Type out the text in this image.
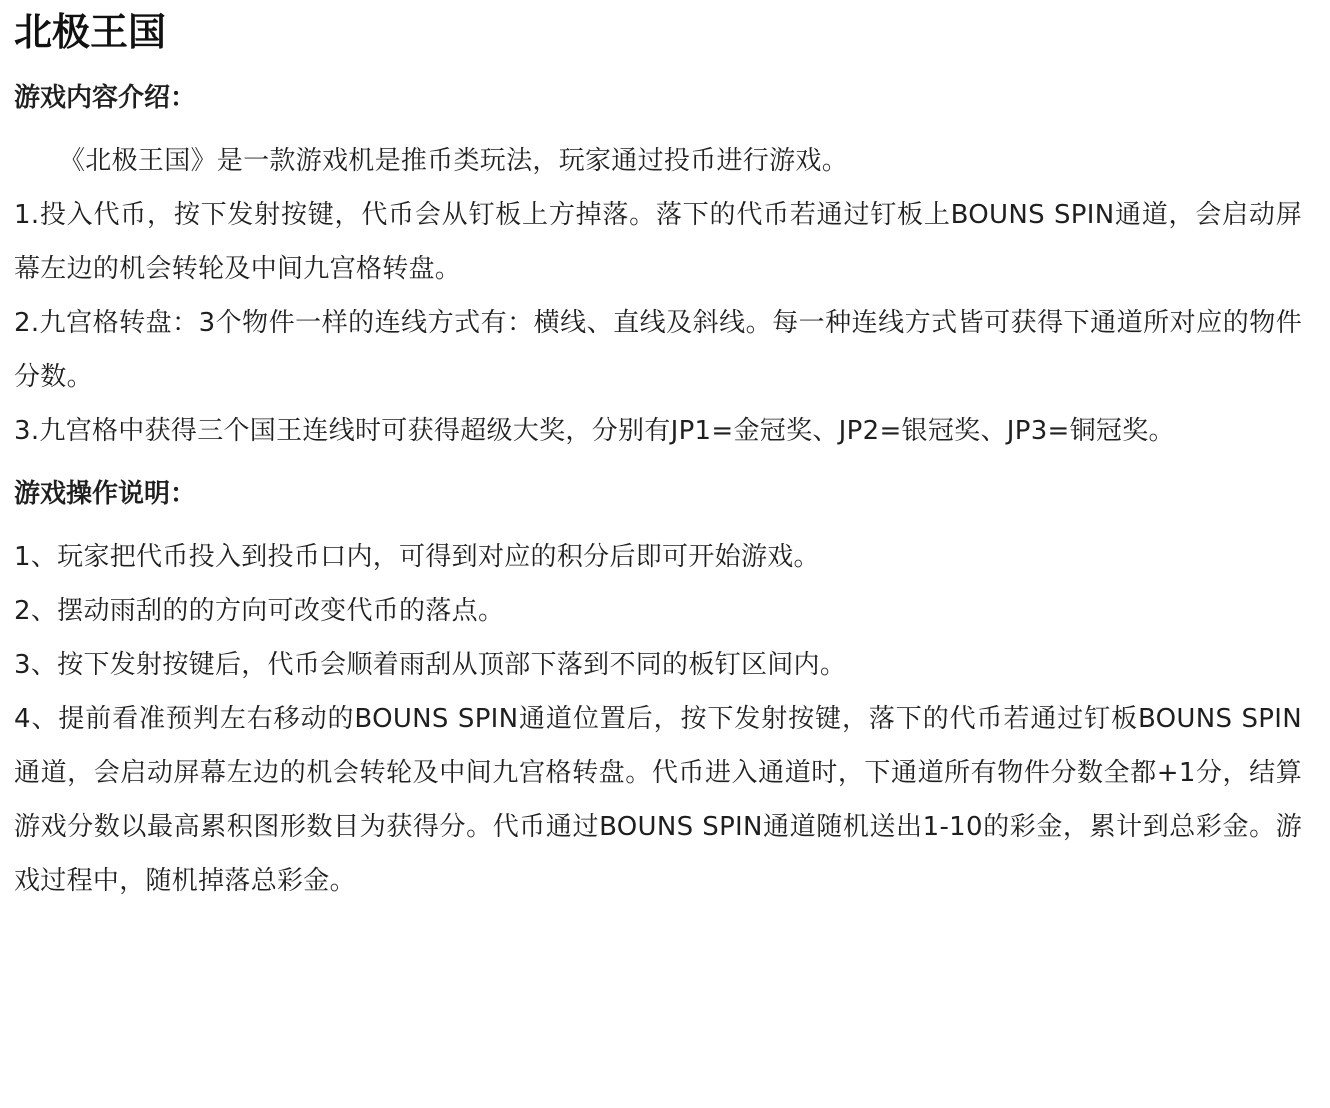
北极王国
游戏内容介绍：

《北极王国》是一款游戏机是推币类玩法，玩家通过投币进行游戏。

1.投入代币，按下发射按键，代币会从钉板上方掉落。落下的代币若通过钉板上BOUNS SPIN通道，会启动屏幕左边的机会转轮及中间九宫格转盘。

2.九宫格转盘：3个物件一样的连线方式有：横线、直线及斜线。每一种连线方式皆可获得下通道所对应的物件分数。

3.九宫格中获得三个国王连线时可获得超级大奖，分别有JP1=金冠奖、JP2=银冠奖、JP3=铜冠奖。

游戏操作说明：

1、玩家把代币投入到投币口内，可得到对应的积分后即可开始游戏。

2、摆动雨刮的的方向可改变代币的落点。

3、按下发射按键后，代币会顺着雨刮从顶部下落到不同的板钉区间内。

4、提前看准预判左右移动的BOUNS SPIN通道位置后，按下发射按键，落下的代币若通过钉板BOUNS SPIN通道，会启动屏幕左边的机会转轮及中间九宫格转盘。代币进入通道时，下通道所有物件分数全都+1分，结算游戏分数以最高累积图形数目为获得分。代币通过BOUNS SPIN通道随机送出1-10的彩金，累计到总彩金。游戏过程中，随机掉落总彩金。
